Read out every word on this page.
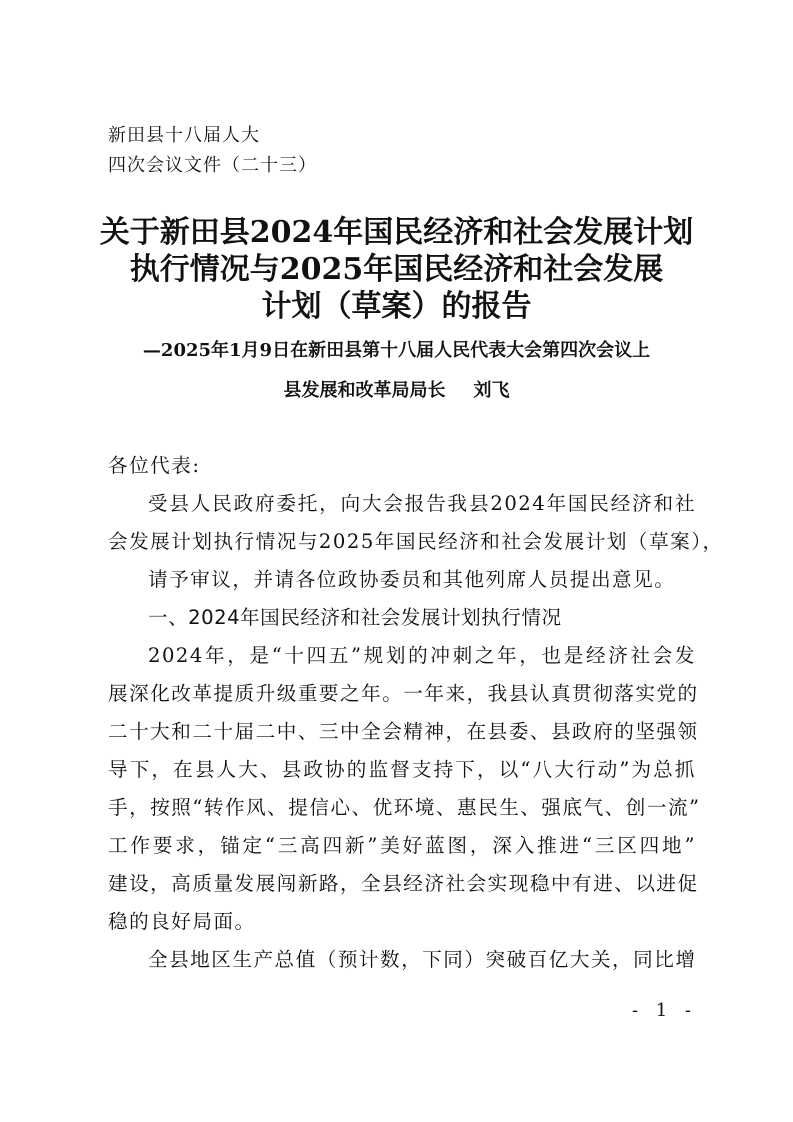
新田县十八届人大
四次会议文件（二十三）
关于新田县2024年国民经济和社会发展计划
执行情况与2025年国民经济和社会发展
计划（草案）的报告
—2025年1月9日在新田县第十八届人民代表大会第四次会议上
县发展和改革局局长 刘飞
各位代表:
受县人民政府委托，向大会报告我县2024年国民经济和社
会发展计划执行情况与2025年国民经济和社会发展计划（草案），
请予审议，并请各位政协委员和其他列席人员提出意见。
一、2024年国民经济和社会发展计划执行情况
2024年，是“十四五”规划的冲刺之年，也是经济社会发
展深化改革提质升级重要之年。一年来，我县认真贯彻落实党的
二十大和二十届二中、三中全会精神，在县委、县政府的坚强领
导下，在县人大、县政协的监督支持下，以“八大行动”为总抓
手，按照“转作风、提信心、优环境、惠民生、强底气、创一流”
工作要求，锚定“三高四新”美好蓝图，深入推进“三区四地”
建设，高质量发展闯新路，全县经济社会实现稳中有进、以进促
稳的良好局面。
全县地区生产总值（预计数，下同）突破百亿大关，同比增
- 1 -
